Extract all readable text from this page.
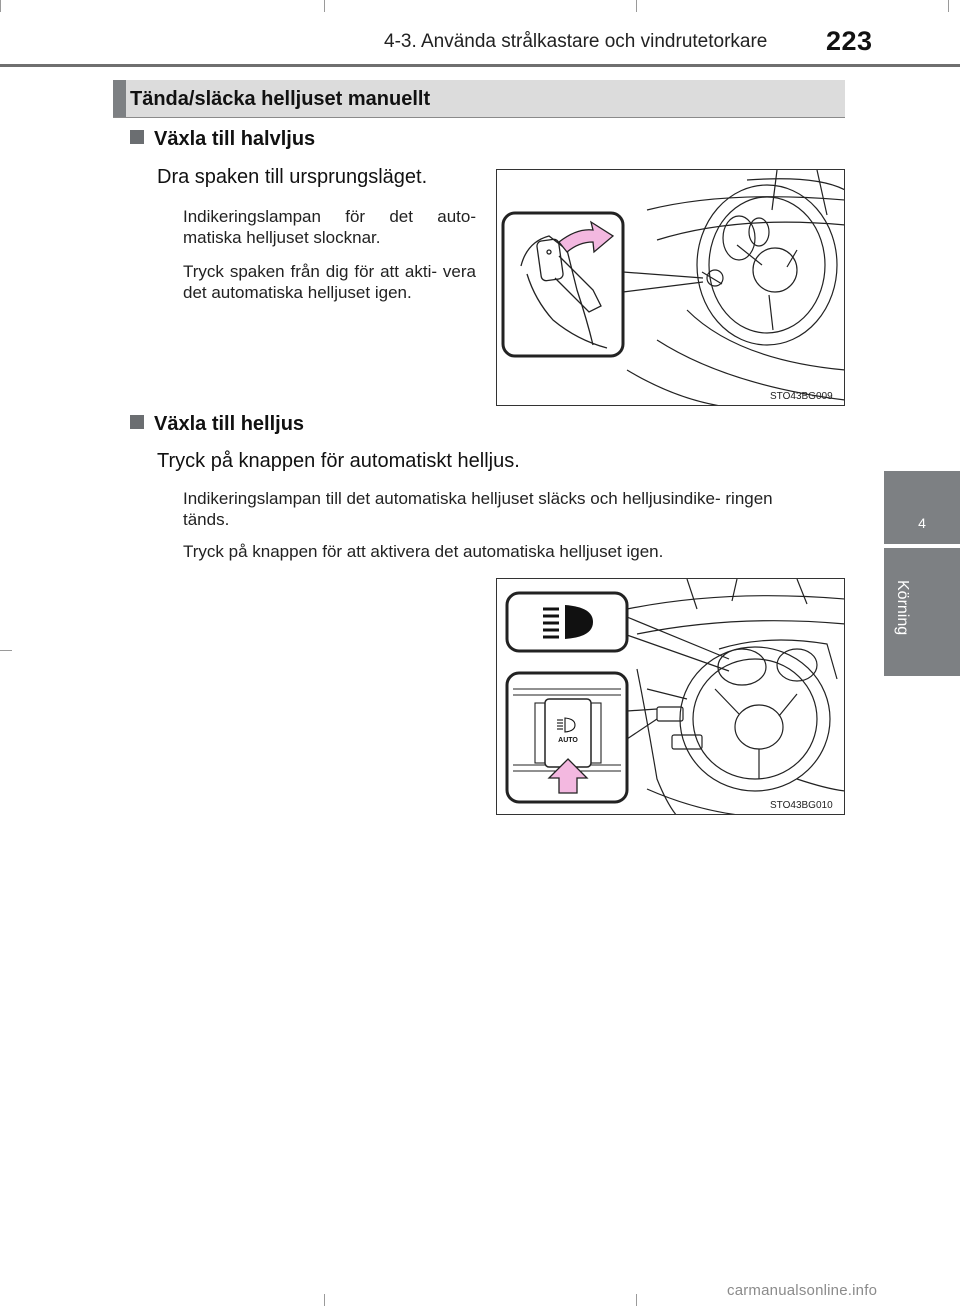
4-3. Använda strålkastare och vindrutetorkare 223
4
Körning
Tända/släcka helljuset manuellt
Växla till halvljus
Dra spaken till ursprungsläget.
Indikeringslampan för det auto- matiska helljuset slocknar.
Tryck spaken från dig för att akti- vera det automatiska helljuset igen.
STO43BG009
Växla till helljus
Tryck på knappen för automatiskt helljus.
Indikeringslampan till det automatiska helljuset släcks och helljusindike- ringen tänds.
Tryck på knappen för att aktivera det automatiska helljuset igen.
AUTO
STO43BG010
carmanualsonline.info
